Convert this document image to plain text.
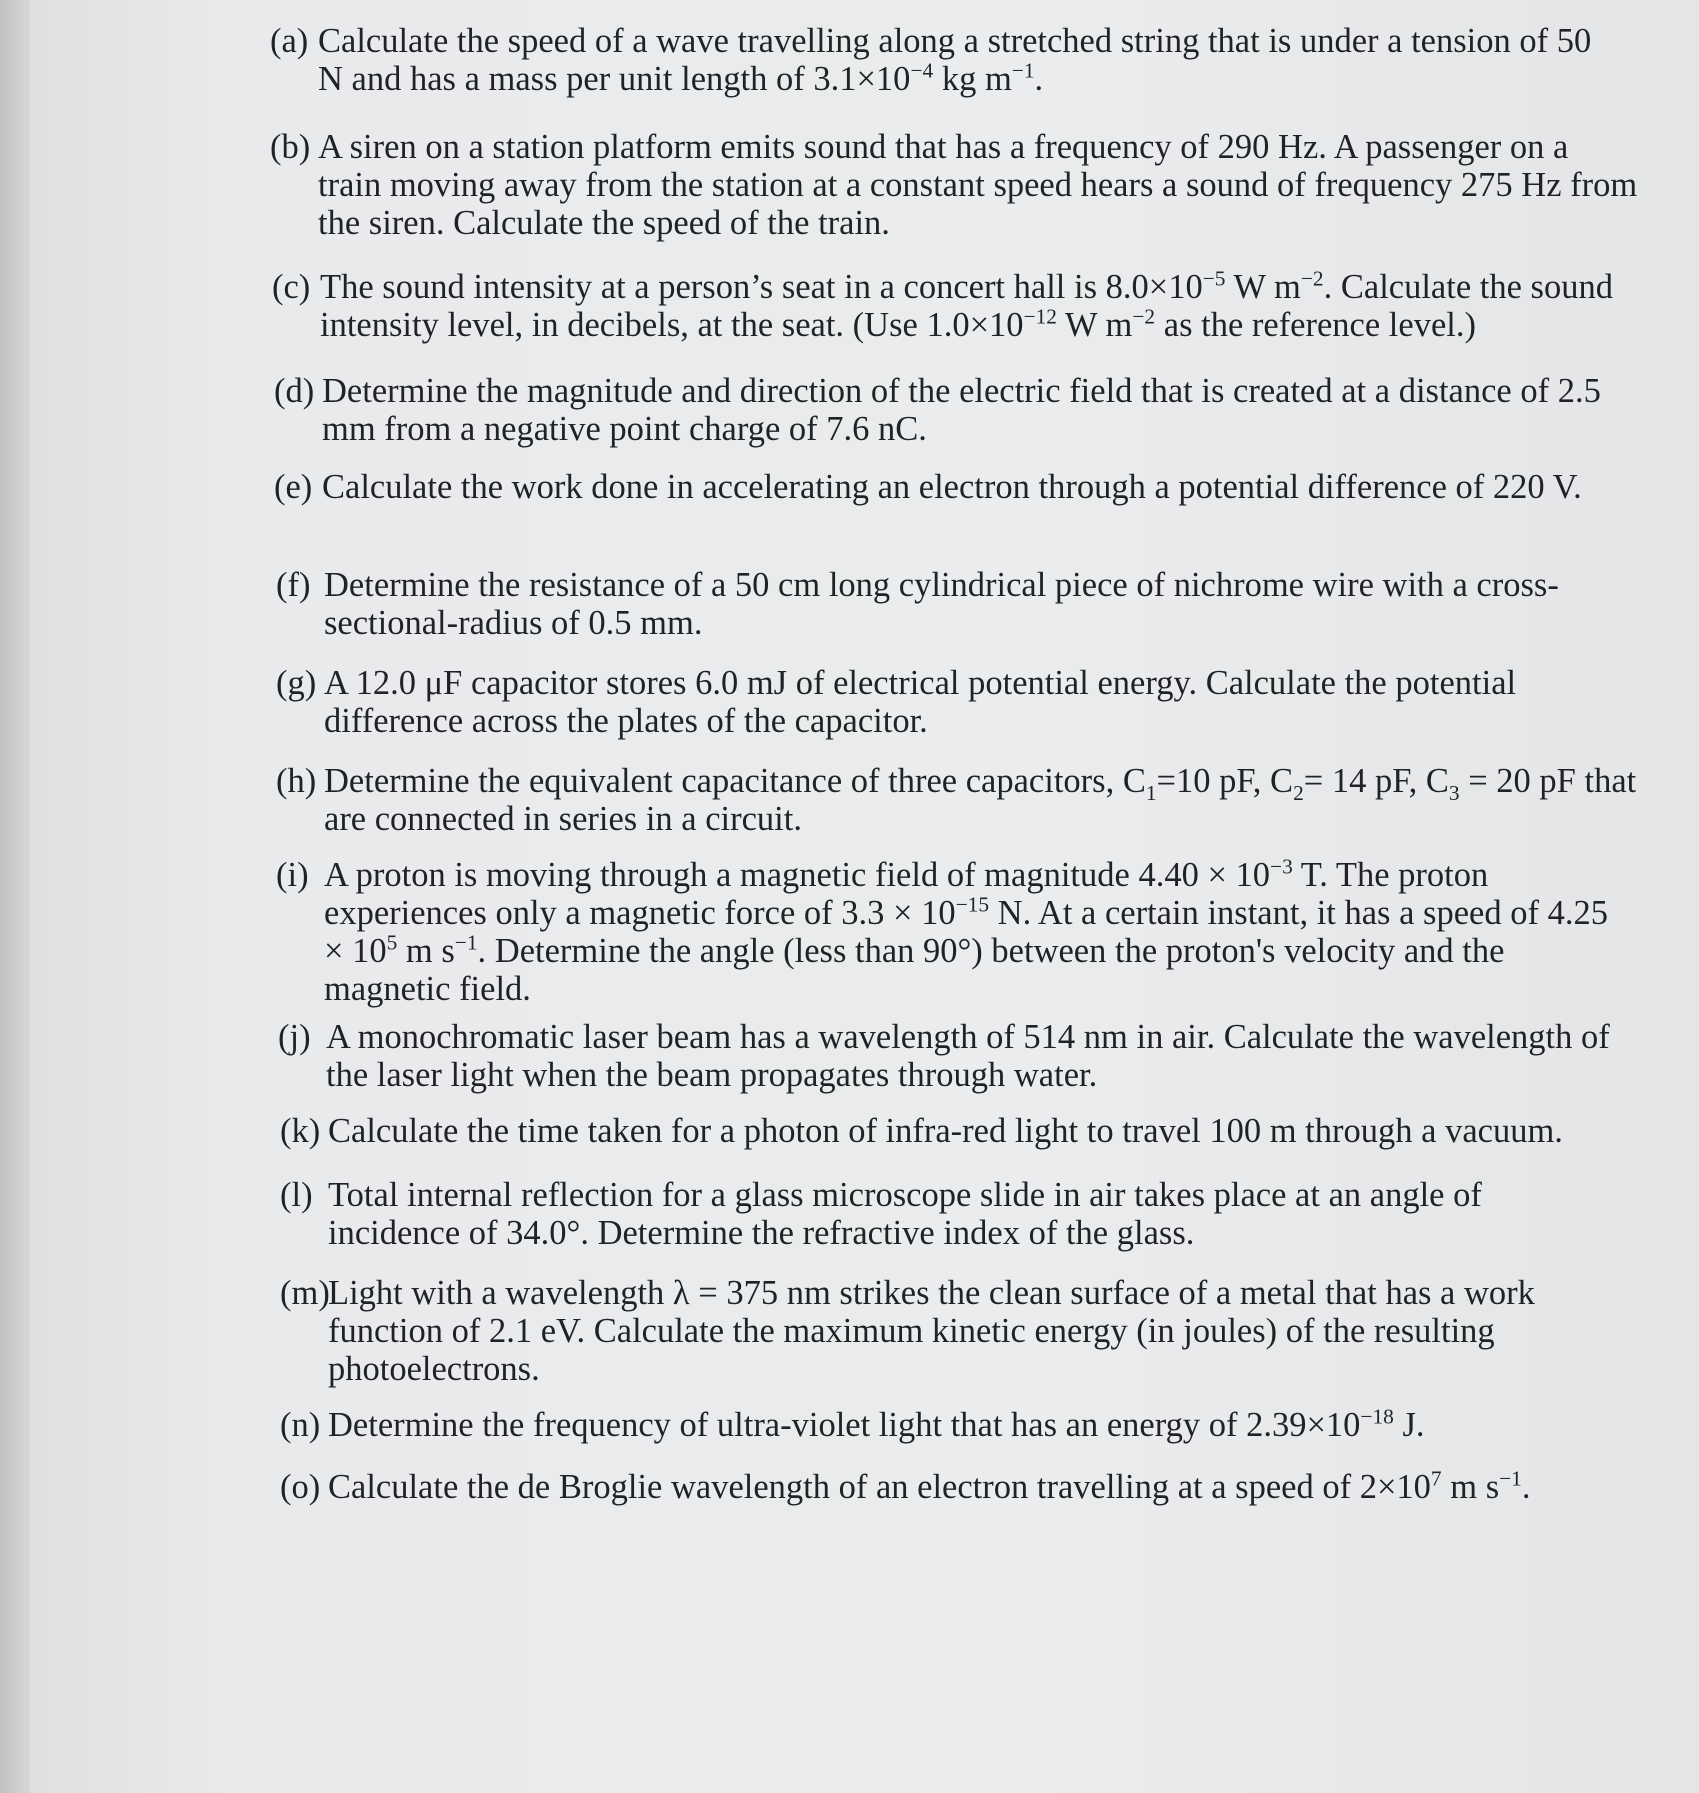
(a) Calculate the speed of a wave travelling along a stretched string that is under a tension of 50 N and has a mass per unit length of $3.1\times 10^{-4}$ kg $m^{-1}$.
(b) A siren on a station platform emits sound that has a frequency of 290 Hz. A passenger on a train moving away from the station at a constant speed hears a sound of frequency 275 Hz from the siren. Calculate the speed of the train.
(c) The sound intensity at a person’s seat in a concert hall is $8.0\times 10^{-5}$ W $m^{-2}$. Calculate the sound intensity level, in decibels, at the seat. (Use $1.0\times 10^{-12}$ W $m^{-2}$ as the reference level.)
(d) Determine the magnitude and direction of the electric field that is created at a distance of 2.5 mm from a negative point charge of 7.6 nC.
(e) Calculate the work done in accelerating an electron through a potential difference of 220 V.
(f) Determine the resistance of a 50 cm long cylindrical piece of nichrome wire with a cross-sectional-radius of 0.5 mm.
(g) A 12.0 μF capacitor stores 6.0 mJ of electrical potential energy. Calculate the potential difference across the plates of the capacitor.
(h) Determine the equivalent capacitance of three capacitors, $C_1=10$ pF, $C_2= 14$ pF, $C_3 = 20$ pF that are connected in series in a circuit.
(i) A proton is moving through a magnetic field of magnitude $4.40 \times 10^{-3}$ T. The proton experiences only a magnetic force of $3.3 \times 10^{-15}$ N. At a certain instant, it has a speed of $4.25 \times 10^5$ m $s^{-1}$. Determine the angle (less than 90°) between the proton's velocity and the magnetic field.
(j) A monochromatic laser beam has a wavelength of 514 nm in air. Calculate the wavelength of the laser light when the beam propagates through water.
(k) Calculate the time taken for a photon of infra-red light to travel 100 m through a vacuum.
(l) Total internal reflection for a glass microscope slide in air takes place at an angle of incidence of 34.0°. Determine the refractive index of the glass.
(m)
Light with a wavelength λ = 375 nm strikes the clean surface of a metal that has a work function of 2.1 eV. Calculate the maximum kinetic energy (in joules) of the resulting photoelectrons.
(n) Determine the frequency of ultra-violet light that has an energy of $2.39\times 10^{-18}$ J.
(o) Calculate the de Broglie wavelength of an electron travelling at a speed of $2\times 10^7$ m $s^{-1}$.
